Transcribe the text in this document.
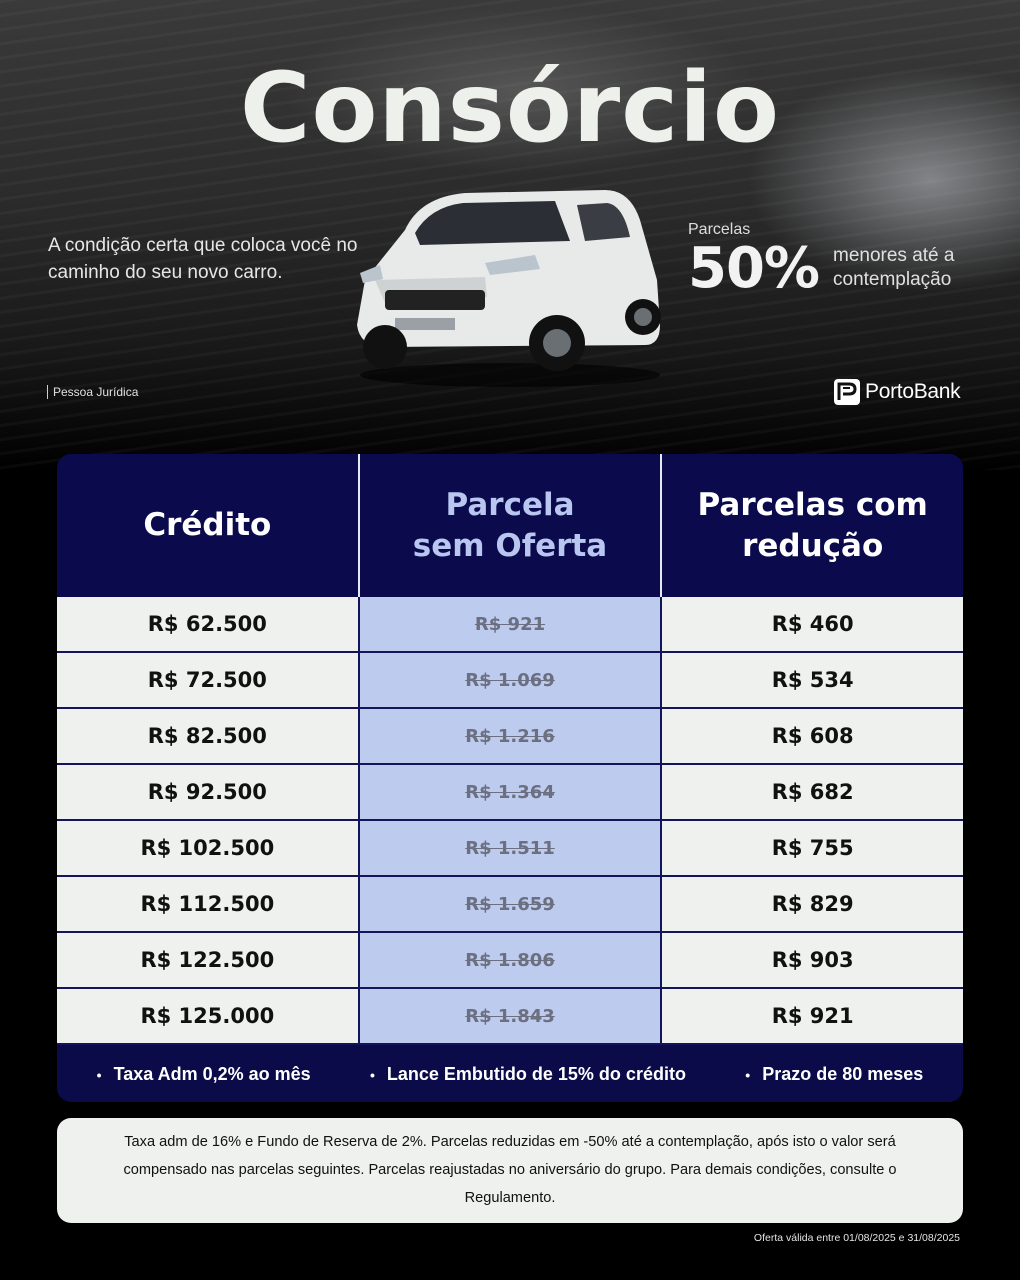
Consórcio
A condição certa que coloca você no caminho do seu novo carro.
Parcelas
50% menores até a contemplação
Pessoa Jurídica	PortoBank
Crédito
Parcela sem Oferta
Parcelas com redução
R$ 62.500	R$ 921	R$ 460
R$ 72.500	R$ 1.069	R$ 534
R$ 82.500	R$ 1.216	R$ 608
R$ 92.500	R$ 1.364	R$ 682
R$ 102.500	R$ 1.511	R$ 755
R$ 112.500	R$ 1.659	R$ 829
R$ 122.500	R$ 1.806	R$ 903
R$ 125.000	R$ 1.843	R$ 921
• Taxa Adm 0,2% ao mês	• Lance Embutido de 15% do crédito	• Prazo de 80 meses
Taxa adm de 16% e Fundo de Reserva de 2%. Parcelas reduzidas em -50% até a contemplação, após isto o valor será compensado nas parcelas seguintes. Parcelas reajustadas no aniversário do grupo. Para demais condições, consulte o Regulamento.
Oferta válida entre 01/08/2025 e 31/08/2025
